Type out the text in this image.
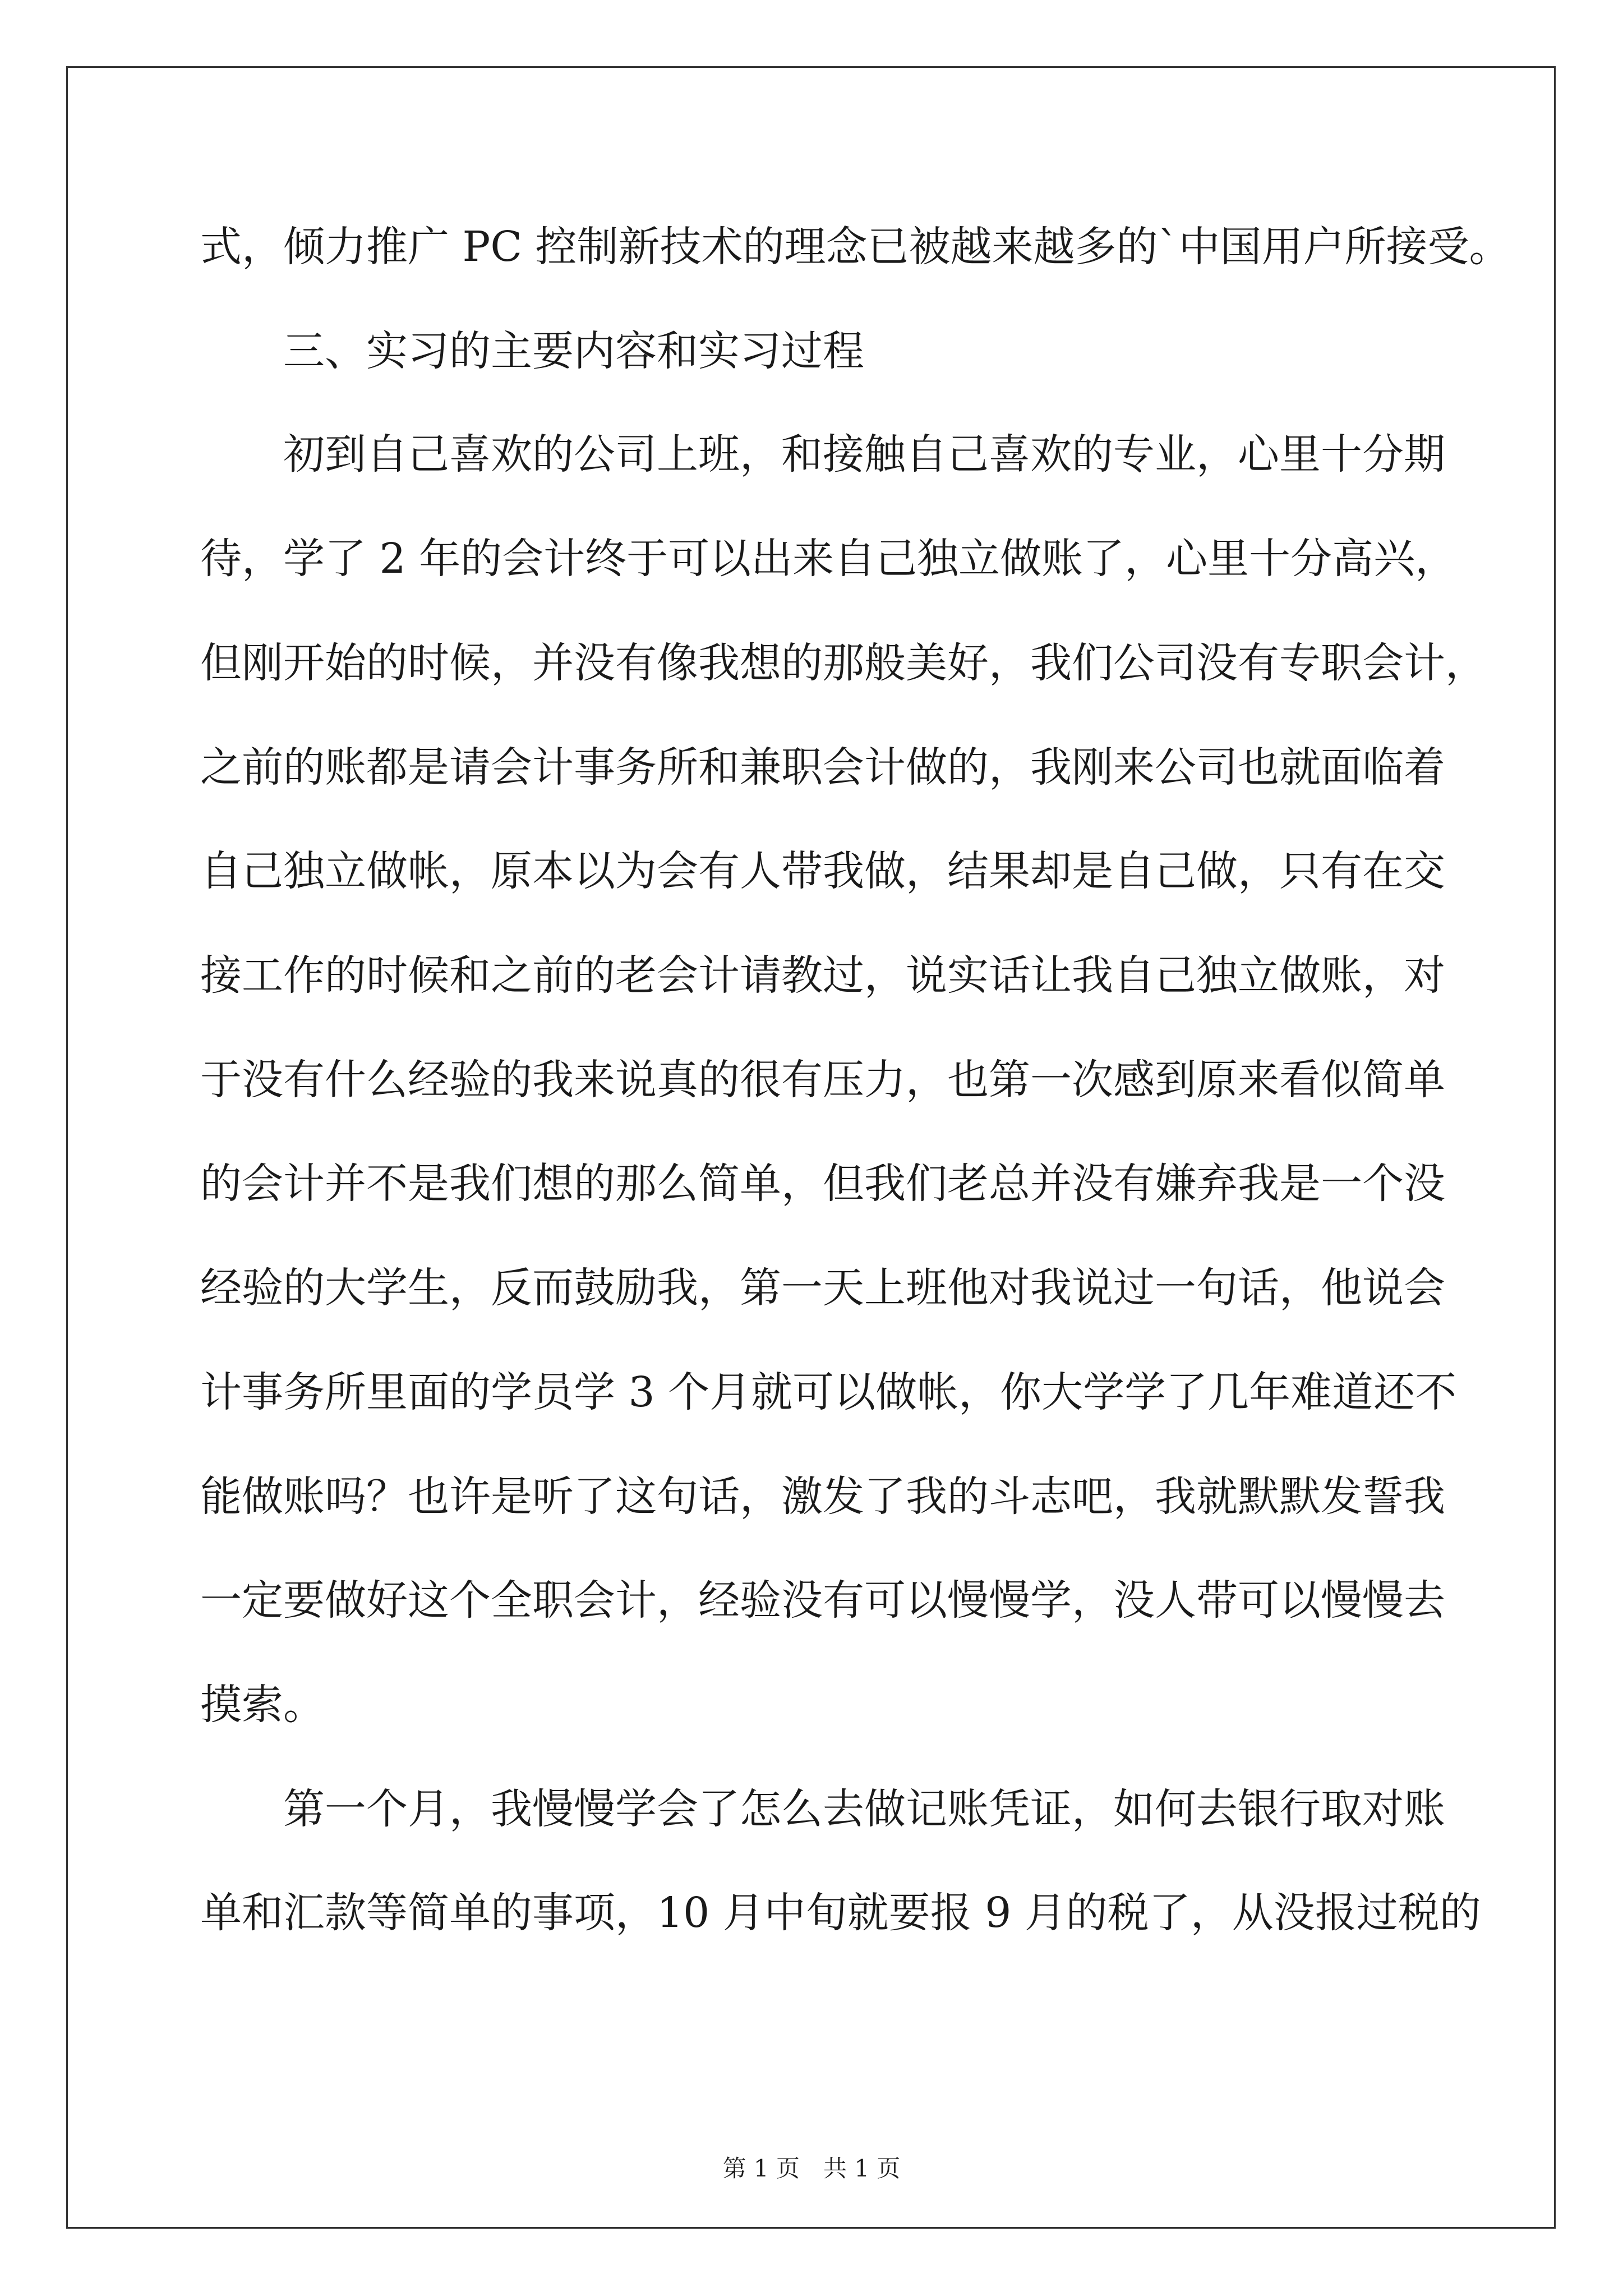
式，倾力推广 PC 控制新技术的理念已被越来越多的`中国用户所接受。
三、实习的主要内容和实习过程
初到自己喜欢的公司上班，和接触自己喜欢的专业，心里十分期
待，学了 2 年的会计终于可以出来自己独立做账了，心里十分高兴，
但刚开始的时候，并没有像我想的那般美好，我们公司没有专职会计，
之前的账都是请会计事务所和兼职会计做的，我刚来公司也就面临着
自己独立做帐，原本以为会有人带我做，结果却是自己做，只有在交
接工作的时候和之前的老会计请教过，说实话让我自己独立做账，对
于没有什么经验的我来说真的很有压力，也第一次感到原来看似简单
的会计并不是我们想的那么简单，但我们老总并没有嫌弃我是一个没
经验的大学生，反而鼓励我，第一天上班他对我说过一句话，他说会
计事务所里面的学员学 3 个月就可以做帐，你大学学了几年难道还不
能做账吗？也许是听了这句话，激发了我的斗志吧，我就默默发誓我
一定要做好这个全职会计，经验没有可以慢慢学，没人带可以慢慢去
摸索。
第一个月，我慢慢学会了怎么去做记账凭证，如何去银行取对账
单和汇款等简单的事项，10 月中旬就要报 9 月的税了，从没报过税的
第 1 页　共 1 页
